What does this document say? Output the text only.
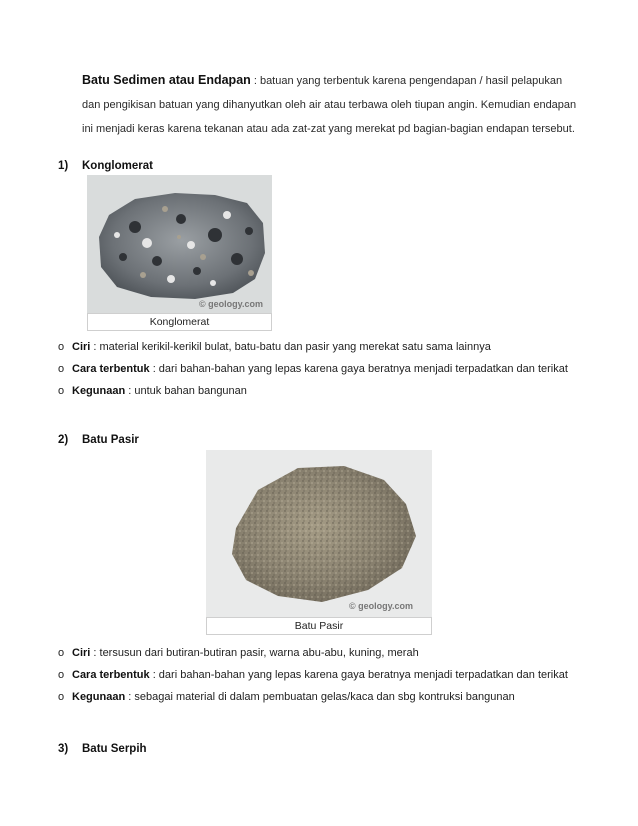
Batu Sedimen atau Endapan : batuan yang terbentuk karena pengendapan / hasil pelapukan dan pengikisan batuan yang dihanyutkan oleh air atau terbawa oleh tiupan angin. Kemudian endapan ini menjadi keras karena tekanan atau ada zat-zat yang merekat pd bagian-bagian endapan tersebut.
1) Konglomerat
© geology.com
Konglomerat
o Ciri : material kerikil-kerikil bulat, batu-batu dan pasir yang merekat satu sama lainnya
o Cara terbentuk : dari bahan-bahan yang lepas karena gaya beratnya menjadi terpadatkan dan terikat
o Kegunaan : untuk bahan bangunan
2) Batu Pasir
© geology.com
Batu Pasir
o Ciri : tersusun dari butiran-butiran pasir, warna abu-abu, kuning, merah
o Cara terbentuk : dari bahan-bahan yang lepas karena gaya beratnya menjadi terpadatkan dan terikat
o Kegunaan : sebagai material di dalam pembuatan gelas/kaca dan sbg kontruksi bangunan
3) Batu Serpih
